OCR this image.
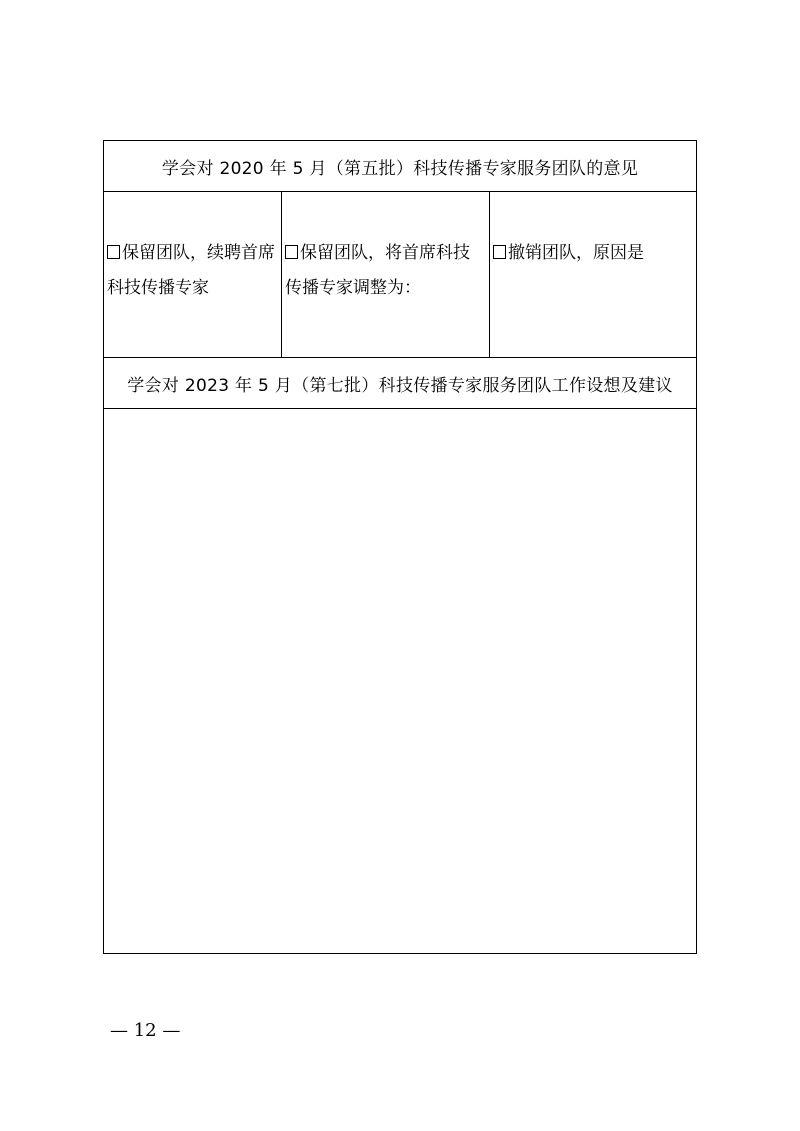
学会对 2020 年 5 月（第五批）科技传播专家服务团队的意见
保留团队，续聘首席科技传播专家
保留团队，将首席科技传播专家调整为：
撤销团队，原因是
学会对 2023 年 5 月（第七批）科技传播专家服务团队工作设想及建议
— 12 —
